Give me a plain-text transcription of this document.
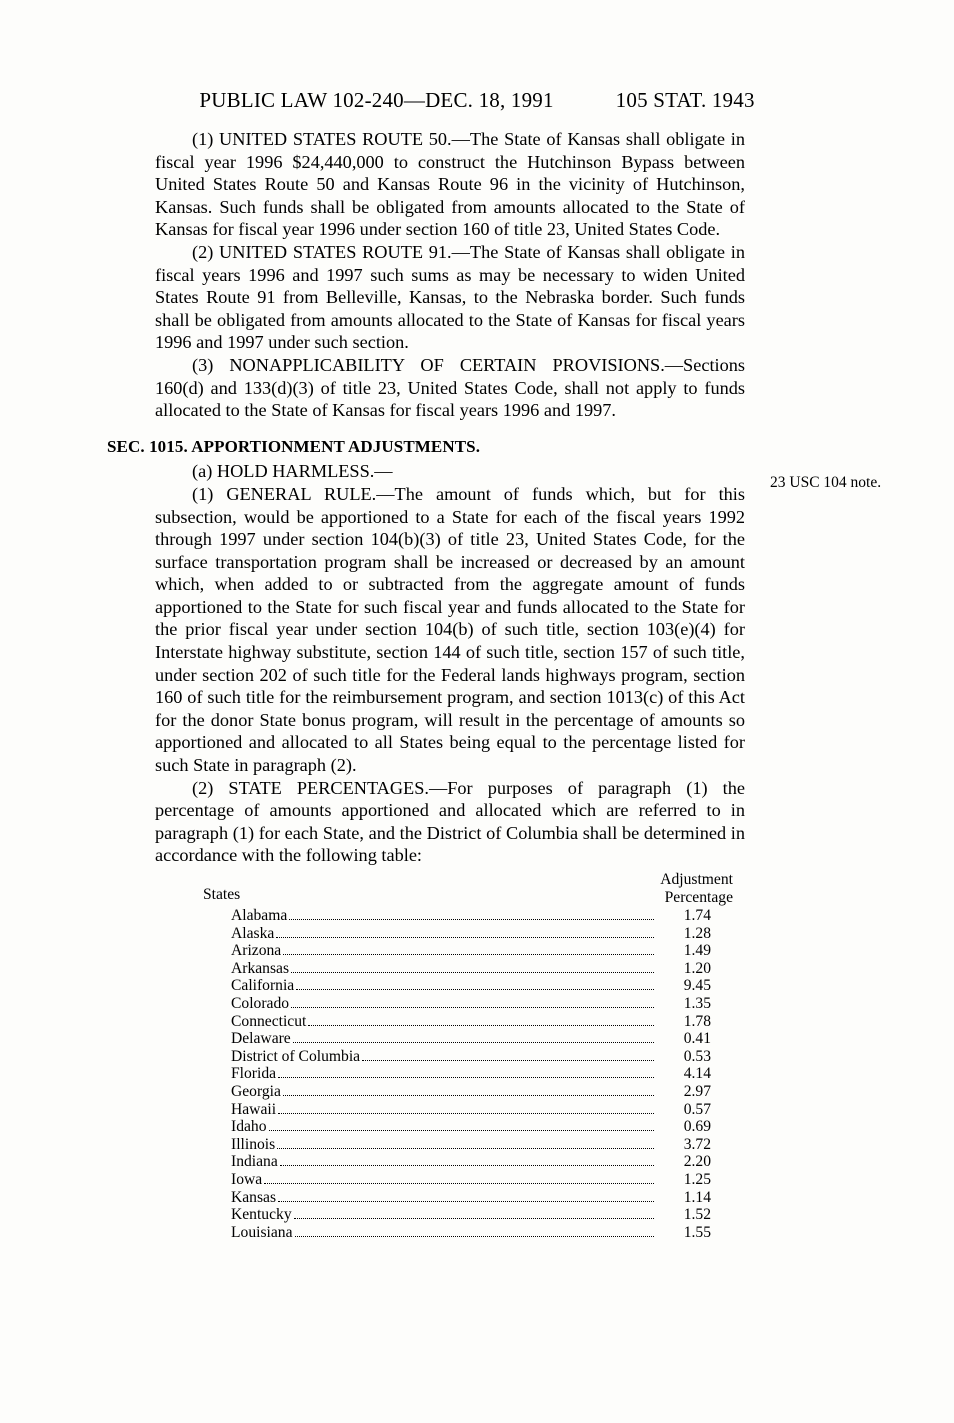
PUBLIC LAW 102-240—DEC. 18, 1991	105 STAT. 1943

(1) UNITED STATES ROUTE 50.—The State of Kansas shall obligate in fiscal year 1996 $24,440,000 to construct the Hutchinson Bypass between United States Route 50 and Kansas Route 96 in the vicinity of Hutchinson, Kansas. Such funds shall be obligated from amounts allocated to the State of Kansas for fiscal year 1996 under section 160 of title 23, United States Code.

(2) UNITED STATES ROUTE 91.—The State of Kansas shall obligate in fiscal years 1996 and 1997 such sums as may be necessary to widen United States Route 91 from Belleville, Kansas, to the Nebraska border. Such funds shall be obligated from amounts allocated to the State of Kansas for fiscal years 1996 and 1997 under such section.

(3) NONAPPLICABILITY OF CERTAIN PROVISIONS.—Sections 160(d) and 133(d)(3) of title 23, United States Code, shall not apply to funds allocated to the State of Kansas for fiscal years 1996 and 1997.

SEC. 1015. APPORTIONMENT ADJUSTMENTS.

(a) HOLD HARMLESS.—

(1) GENERAL RULE.—The amount of funds which, but for this subsection, would be apportioned to a State for each of the fiscal years 1992 through 1997 under section 104(b)(3) of title 23, United States Code, for the surface transportation program shall be increased or decreased by an amount which, when added to or subtracted from the aggregate amount of funds apportioned to the State for such fiscal year and funds allocated to the State for the prior fiscal year under section 104(b) of such title, section 103(e)(4) for Interstate highway substitute, section 144 of such title, section 157 of such title, under section 202 of such title for the Federal lands highways program, section 160 of such title for the reimbursement program, and section 1013(c) of this Act for the donor State bonus program, will result in the percentage of amounts so apportioned and allocated to all States being equal to the percentage listed for such State in paragraph (2).

(2) STATE PERCENTAGES.—For purposes of paragraph (1) the percentage of amounts apportioned and allocated which are referred to in paragraph (1) for each State, and the District of Columbia shall be determined in accordance with the following table:

States
Adjustment
Percentage
Alabama	1.74
Alaska	1.28
Arizona	1.49
Arkansas	1.20
California	9.45
Colorado	1.35
Connecticut	1.78
Delaware	0.41
District of Columbia	0.53
Florida	4.14
Georgia	2.97
Hawaii	0.57
Idaho	0.69
Illinois	3.72
Indiana	2.20
Iowa	1.25
Kansas	1.14
Kentucky	1.52
Louisiana	1.55
23 USC 104 note.
